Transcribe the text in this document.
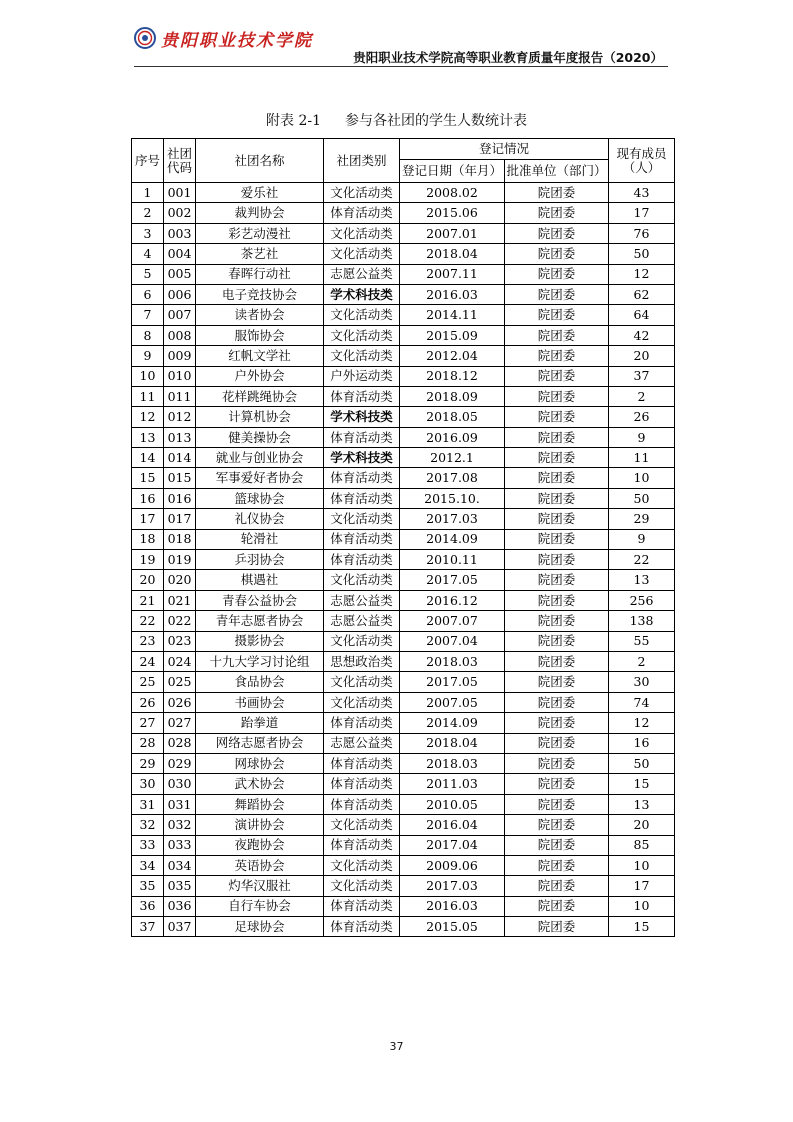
贵阳职业技术学院
贵阳职业技术学院高等职业教育质量年度报告（2020）
附表 2-1 参与各社团的学生人数统计表
序号	社团代码	社团名称	社团类别	登记情况		现有成员（人）
				登记日期（年月）	批准单位（部门）	
1	001	爱乐社	文化活动类	2008.02	院团委	43
2	002	裁判协会	体育活动类	2015.06	院团委	17
3	003	彩艺动漫社	文化活动类	2007.01	院团委	76
4	004	茶艺社	文化活动类	2018.04	院团委	50
5	005	春晖行动社	志愿公益类	2007.11	院团委	12
6	006	电子竞技协会	学术科技类	2016.03	院团委	62
7	007	读者协会	文化活动类	2014.11	院团委	64
8	008	服饰协会	文化活动类	2015.09	院团委	42
9	009	红帆文学社	文化活动类	2012.04	院团委	20
10	010	户外协会	户外运动类	2018.12	院团委	37
11	011	花样跳绳协会	体育活动类	2018.09	院团委	2
12	012	计算机协会	学术科技类	2018.05	院团委	26
13	013	健美操协会	体育活动类	2016.09	院团委	9
14	014	就业与创业协会	学术科技类	2012.1	院团委	11
15	015	军事爱好者协会	体育活动类	2017.08	院团委	10
16	016	篮球协会	体育活动类	2015.10.	院团委	50
17	017	礼仪协会	文化活动类	2017.03	院团委	29
18	018	轮滑社	体育活动类	2014.09	院团委	9
19	019	乒羽协会	体育活动类	2010.11	院团委	22
20	020	棋遇社	文化活动类	2017.05	院团委	13
21	021	青春公益协会	志愿公益类	2016.12	院团委	256
22	022	青年志愿者协会	志愿公益类	2007.07	院团委	138
23	023	摄影协会	文化活动类	2007.04	院团委	55
24	024	十九大学习讨论组	思想政治类	2018.03	院团委	2
25	025	食品协会	文化活动类	2017.05	院团委	30
26	026	书画协会	文化活动类	2007.05	院团委	74
27	027	跆拳道	体育活动类	2014.09	院团委	12
28	028	网络志愿者协会	志愿公益类	2018.04	院团委	16
29	029	网球协会	体育活动类	2018.03	院团委	50
30	030	武术协会	体育活动类	2011.03	院团委	15
31	031	舞蹈协会	体育活动类	2010.05	院团委	13
32	032	演讲协会	文化活动类	2016.04	院团委	20
33	033	夜跑协会	体育活动类	2017.04	院团委	85
34	034	英语协会	文化活动类	2009.06	院团委	10
35	035	灼华汉服社	文化活动类	2017.03	院团委	17
36	036	自行车协会	体育活动类	2016.03	院团委	10
37	037	足球协会	体育活动类	2015.05	院团委	15
37
